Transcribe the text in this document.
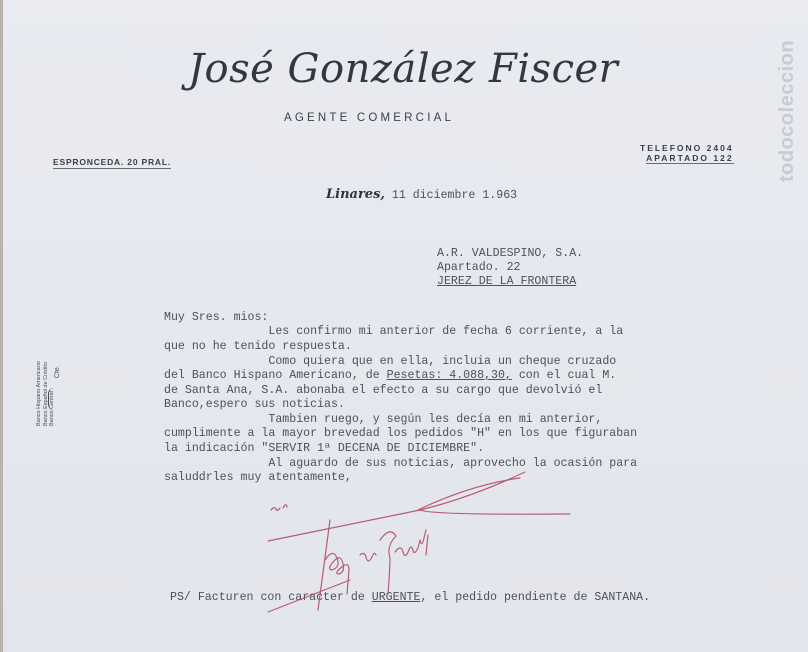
todocoleccion
José González Fiscer
AGENTE COMERCIAL
ESPRONCEDA. 20 PRAL.
TELEFONO 2404
APARTADO 122
Banco Hispano Americano Banco Español de Crédito Banco Central

Cte.

Linares, 11 diciembre 1.963
A.R. VALDESPINO, S.A.
Apartado. 22
JEREZ DE LA FRONTERA
Muy Sres. mios:
Les confirmo mi anterior de fecha 6 corriente, a la
que no he tenido respuesta.
Como quiera que en ella, incluia un cheque cruzado
del Banco Hispano Americano, de Pesetas: 4.088,30, con el cual M.
de Santa Ana, S.A. abonaba el efecto a su cargo que devolvió el
Banco,espero sus noticias.
Tambien ruego, y según les decía en mi anterior,
cumplimente a la mayor brevedad los pedidos "H" en los que figuraban
la indicación "SERVIR 1ª DECENA DE DICIEMBRE".
Al aguardo de sus noticias, aprovecho la ocasión para
saluddrles muy atentamente,
PS/ Facturen con caracter de URGENTE, el pedido pendiente de SANTANA.
